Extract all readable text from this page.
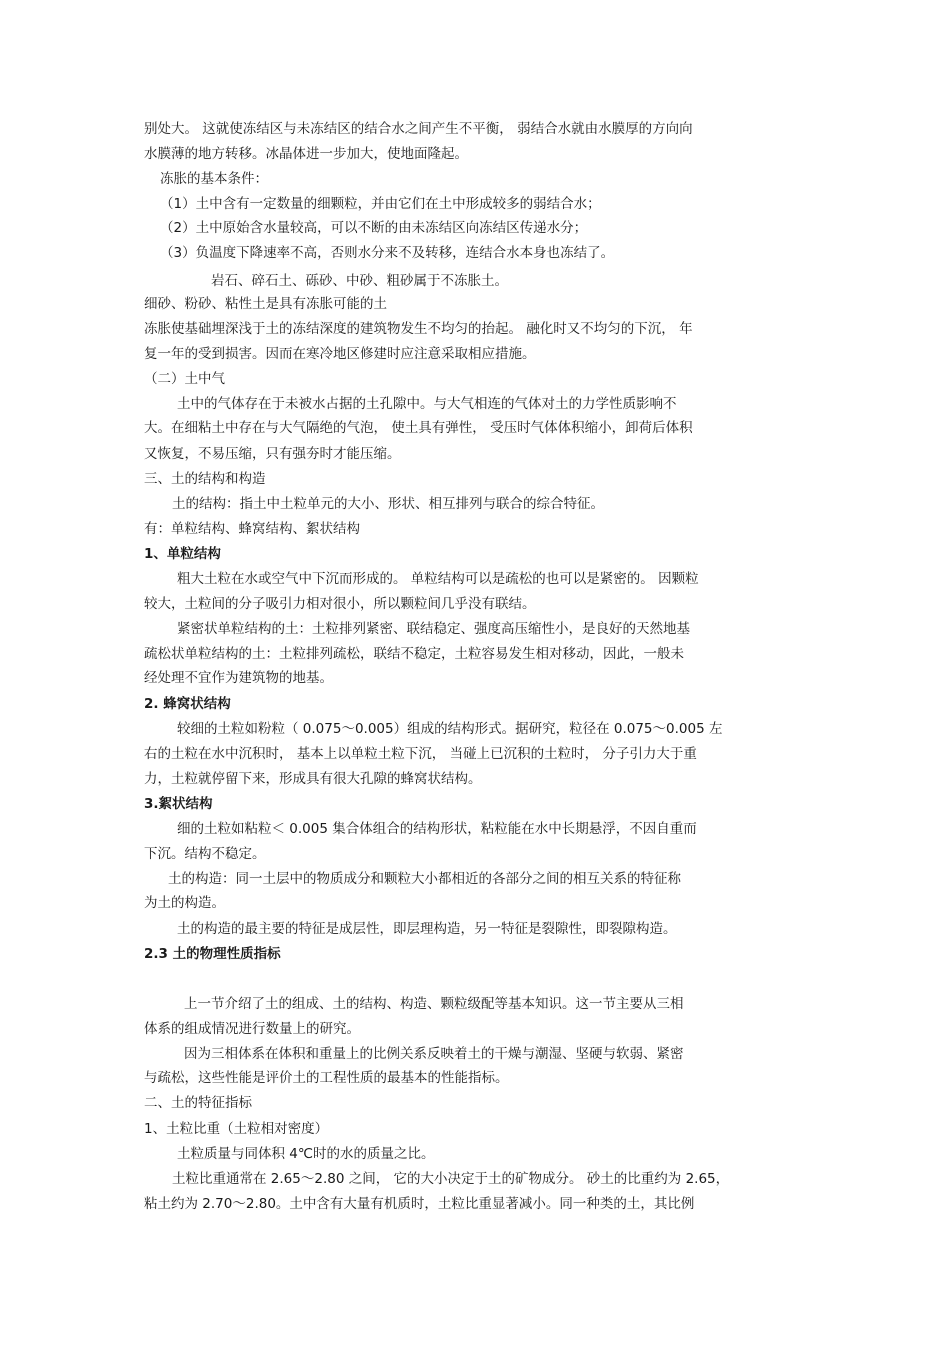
别处大。 这就使冻结区与未冻结区的结合水之间产生不平衡， 弱结合水就由水膜厚的方向向
水膜薄的地方转移。冰晶体进一步加大，使地面隆起。
冻胀的基本条件：
（1）土中含有一定数量的细颗粒，并由它们在土中形成较多的弱结合水；
（2）土中原始含水量较高，可以不断的由未冻结区向冻结区传递水分；
（3）负温度下降速率不高，否则水分来不及转移，连结合水本身也冻结了。
岩石、碎石土、砾砂、中砂、粗砂属于不冻胀土。
细砂、粉砂、粘性土是具有冻胀可能的土
冻胀使基础埋深浅于土的冻结深度的建筑物发生不均匀的抬起。 融化时又不均匀的下沉， 年
复一年的受到损害。因而在寒冷地区修建时应注意采取相应措施。
（二）土中气
土中的气体存在于未被水占据的土孔隙中。与大气相连的气体对土的力学性质影响不
大。在细粘土中存在与大气隔绝的气泡， 使土具有弹性， 受压时气体体积缩小，卸荷后体积
又恢复，不易压缩，只有强夯时才能压缩。
三、土的结构和构造
土的结构：指土中土粒单元的大小、形状、相互排列与联合的综合特征。
有：单粒结构、蜂窝结构、絮状结构
1、单粒结构
粗大土粒在水或空气中下沉而形成的。 单粒结构可以是疏松的也可以是紧密的。 因颗粒
较大，土粒间的分子吸引力相对很小，所以颗粒间几乎没有联结。
紧密状单粒结构的土：土粒排列紧密、联结稳定、强度高压缩性小，是良好的天然地基
疏松状单粒结构的土：土粒排列疏松，联结不稳定，土粒容易发生相对移动，因此，一般未
经处理不宜作为建筑物的地基。
2. 蜂窝状结构
较细的土粒如粉粒（ 0.075～0.005）组成的结构形式。据研究，粒径在 0.075～0.005 左
右的土粒在水中沉积时， 基本上以单粒土粒下沉， 当碰上已沉积的土粒时， 分子引力大于重
力，土粒就停留下来，形成具有很大孔隙的蜂窝状结构。
3.絮状结构
细的土粒如粘粒＜ 0.005 集合体组合的结构形状，粘粒能在水中长期悬浮，不因自重而
下沉。结构不稳定。
土的构造：同一土层中的物质成分和颗粒大小都相近的各部分之间的相互关系的特征称
为土的构造。
土的构造的最主要的特征是成层性，即层理构造，另一特征是裂隙性，即裂隙构造。
2.3 土的物理性质指标
上一节介绍了土的组成、土的结构、构造、颗粒级配等基本知识。这一节主要从三相
体系的组成情况进行数量上的研究。
因为三相体系在体积和重量上的比例关系反映着土的干燥与潮湿、坚硬与软弱、紧密
与疏松，这些性能是评价土的工程性质的最基本的性能指标。
二、土的特征指标
1、土粒比重（土粒相对密度）
土粒质量与同体积 4℃时的水的质量之比。
土粒比重通常在 2.65～2.80 之间， 它的大小决定于土的矿物成分。 砂土的比重约为 2.65，
粘土约为 2.70～2.80。土中含有大量有机质时，土粒比重显著减小。同一种类的土，其比例
